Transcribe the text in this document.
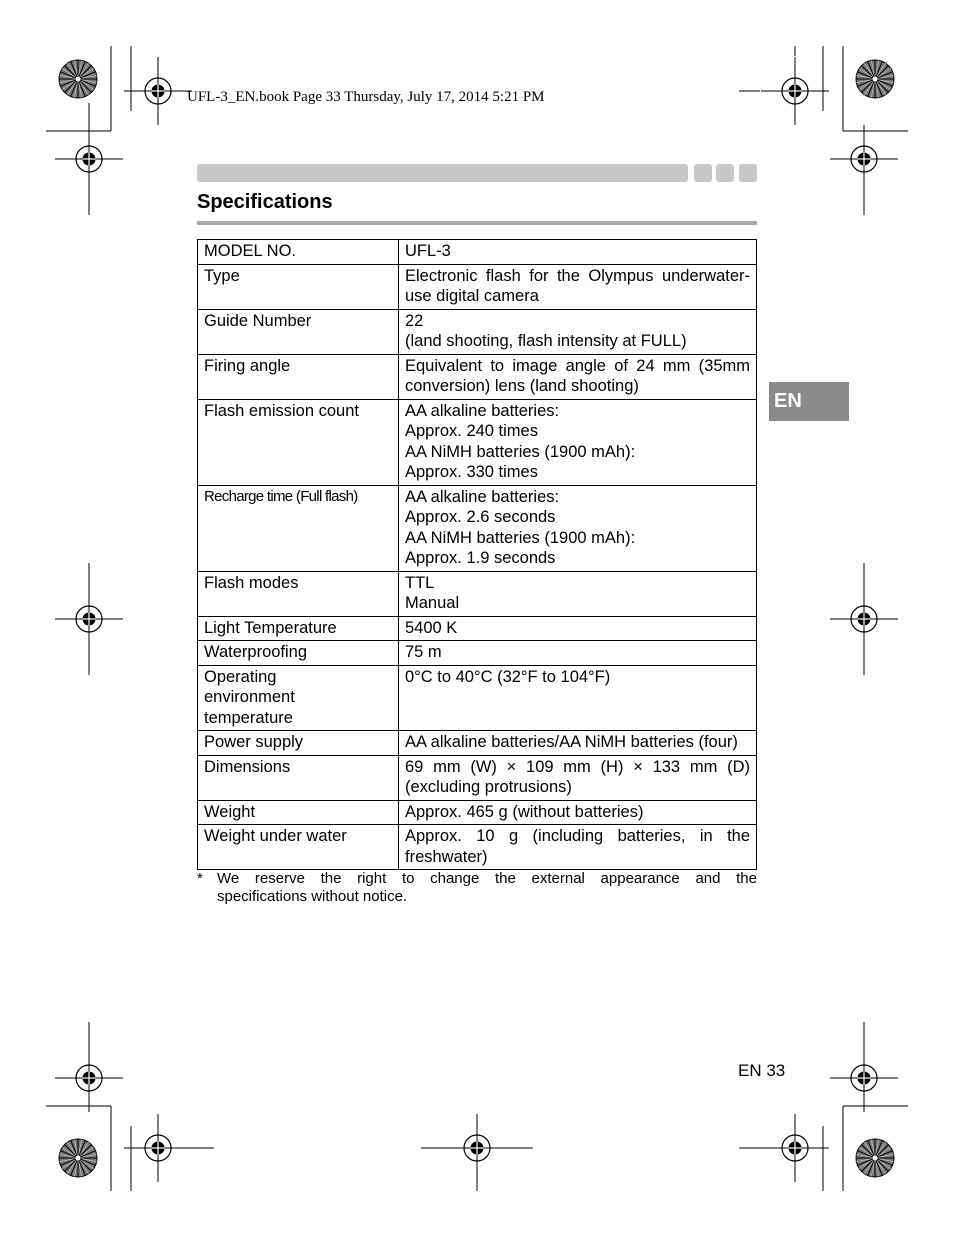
UFL-3_EN.book Page 33 Thursday, July 17, 2014 5:21 PM
Specifications
EN
MODEL NO.	UFL-3

Type	Electronic flash for the Olympus underwater-
use digital camera

Guide Number	22
(land shooting, flash intensity at FULL)

Firing angle	Equivalent to image angle of 24 mm (35mm
conversion) lens (land shooting)

Flash emission count	AA alkaline batteries:
Approx. 240 times
AA NiMH batteries (1900 mAh):
Approx. 330 times

Recharge time (Full flash)	AA alkaline batteries:
Approx. 2.6 seconds
AA NiMH batteries (1900 mAh):
Approx. 1.9 seconds

Flash modes	TTL
Manual

Light Temperature	5400 K

Waterproofing	75 m

Operating environment temperature	0°C to 40°C (32°F to 104°F)

Power supply	AA alkaline batteries/AA NiMH batteries (four)

Dimensions	69 mm (W) × 109 mm (H) × 133 mm (D)
(excluding protrusions)

Weight	Approx. 465 g (without batteries)

Weight under water	Approx. 10 g (including batteries, in the
freshwater)
* We reserve the right to change the external appearance and the
specifications without notice.
EN 33
